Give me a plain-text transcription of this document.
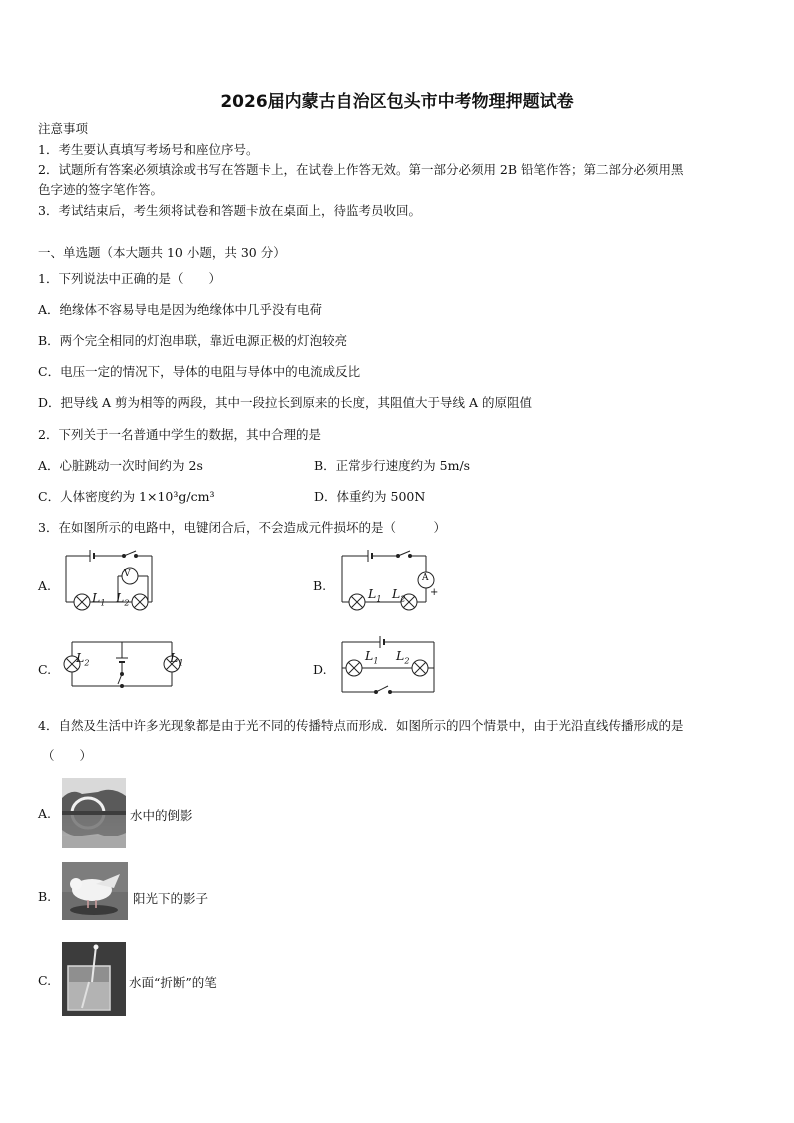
2026届内蒙古自治区包头市中考物理押题试卷
注意事项
1．考生要认真填写考场号和座位序号。
2．试题所有答案必须填涂或书写在答题卡上，在试卷上作答无效。第一部分必须用 2B 铅笔作答；第二部分必须用黑
色字迹的签字笔作答。
3．考试结束后，考生须将试卷和答题卡放在桌面上，待监考员收回。
一、单选题（本大题共 10 小题，共 30 分）
1．下列说法中正确的是（　　）
A．绝缘体不容易导电是因为绝缘体中几乎没有电荷
B．两个完全相同的灯泡串联，靠近电源正极的灯泡较亮
C．电压一定的情况下，导体的电阻与导体中的电流成反比
D．把导线 A 剪为相等的两段，其中一段拉长到原来的长度，其阻值大于导线 A 的原阻值
2．下列关于一名普通中学生的数据，其中合理的是
A．心脏跳动一次时间约为 2s	B．正常步行速度约为 5m/s
C．人体密度约为 1×10³g/cm³	D．体重约为 500N
3．在如图所示的电路中，电键闭合后，不会造成元件损坏的是（　　　）
A.
V
$L_1$ $L_2$
B.	A
+
$L_1$ $L_2$
C.
$L_2$	$L_1$	D.
$L_1$ $L_2$
4．自然及生活中许多光现象都是由于光不同的传播特点而形成．如图所示的四个情景中，由于光沿直线传播形成的是
（　　）
A.	水中的倒影
B.	阳光下的影子
C.	水面“折断”的笔
